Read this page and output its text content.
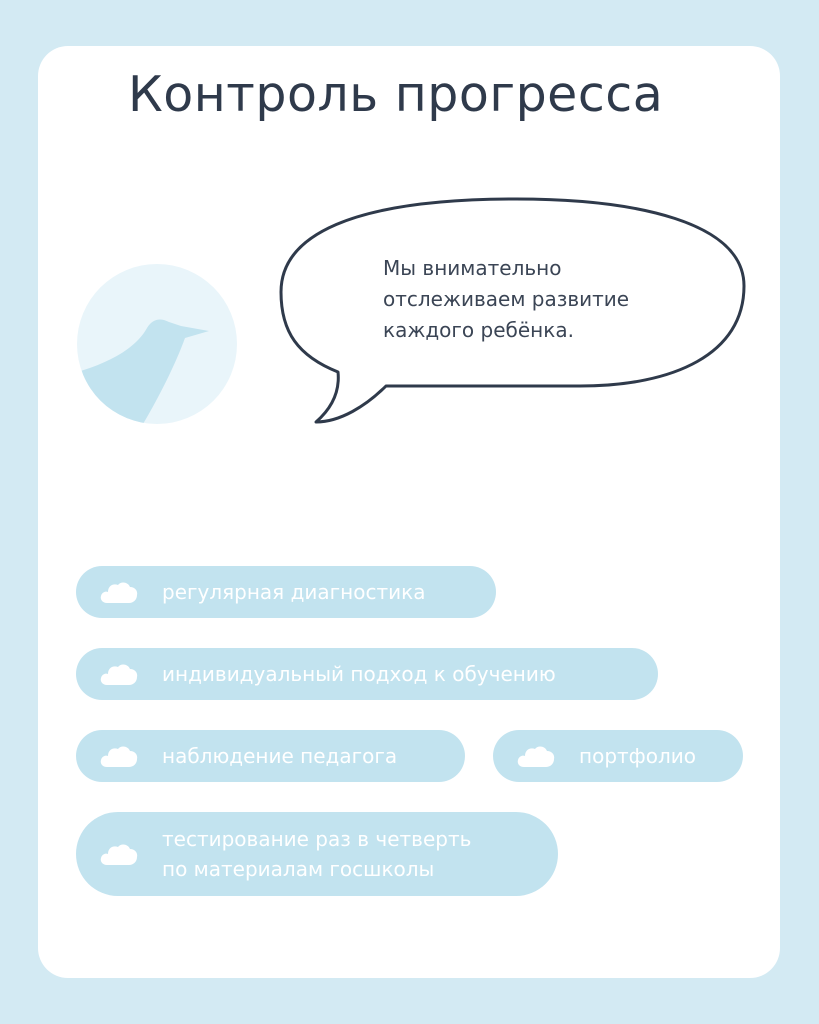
Контроль прогресса

Мы внимательно
отслеживаем развитие
каждого ребёнка.

регулярная диагностика
индивидуальный подход к обучению
наблюдение педагога	портфолио
тестирование раз в четверть
по материалам госшколы
